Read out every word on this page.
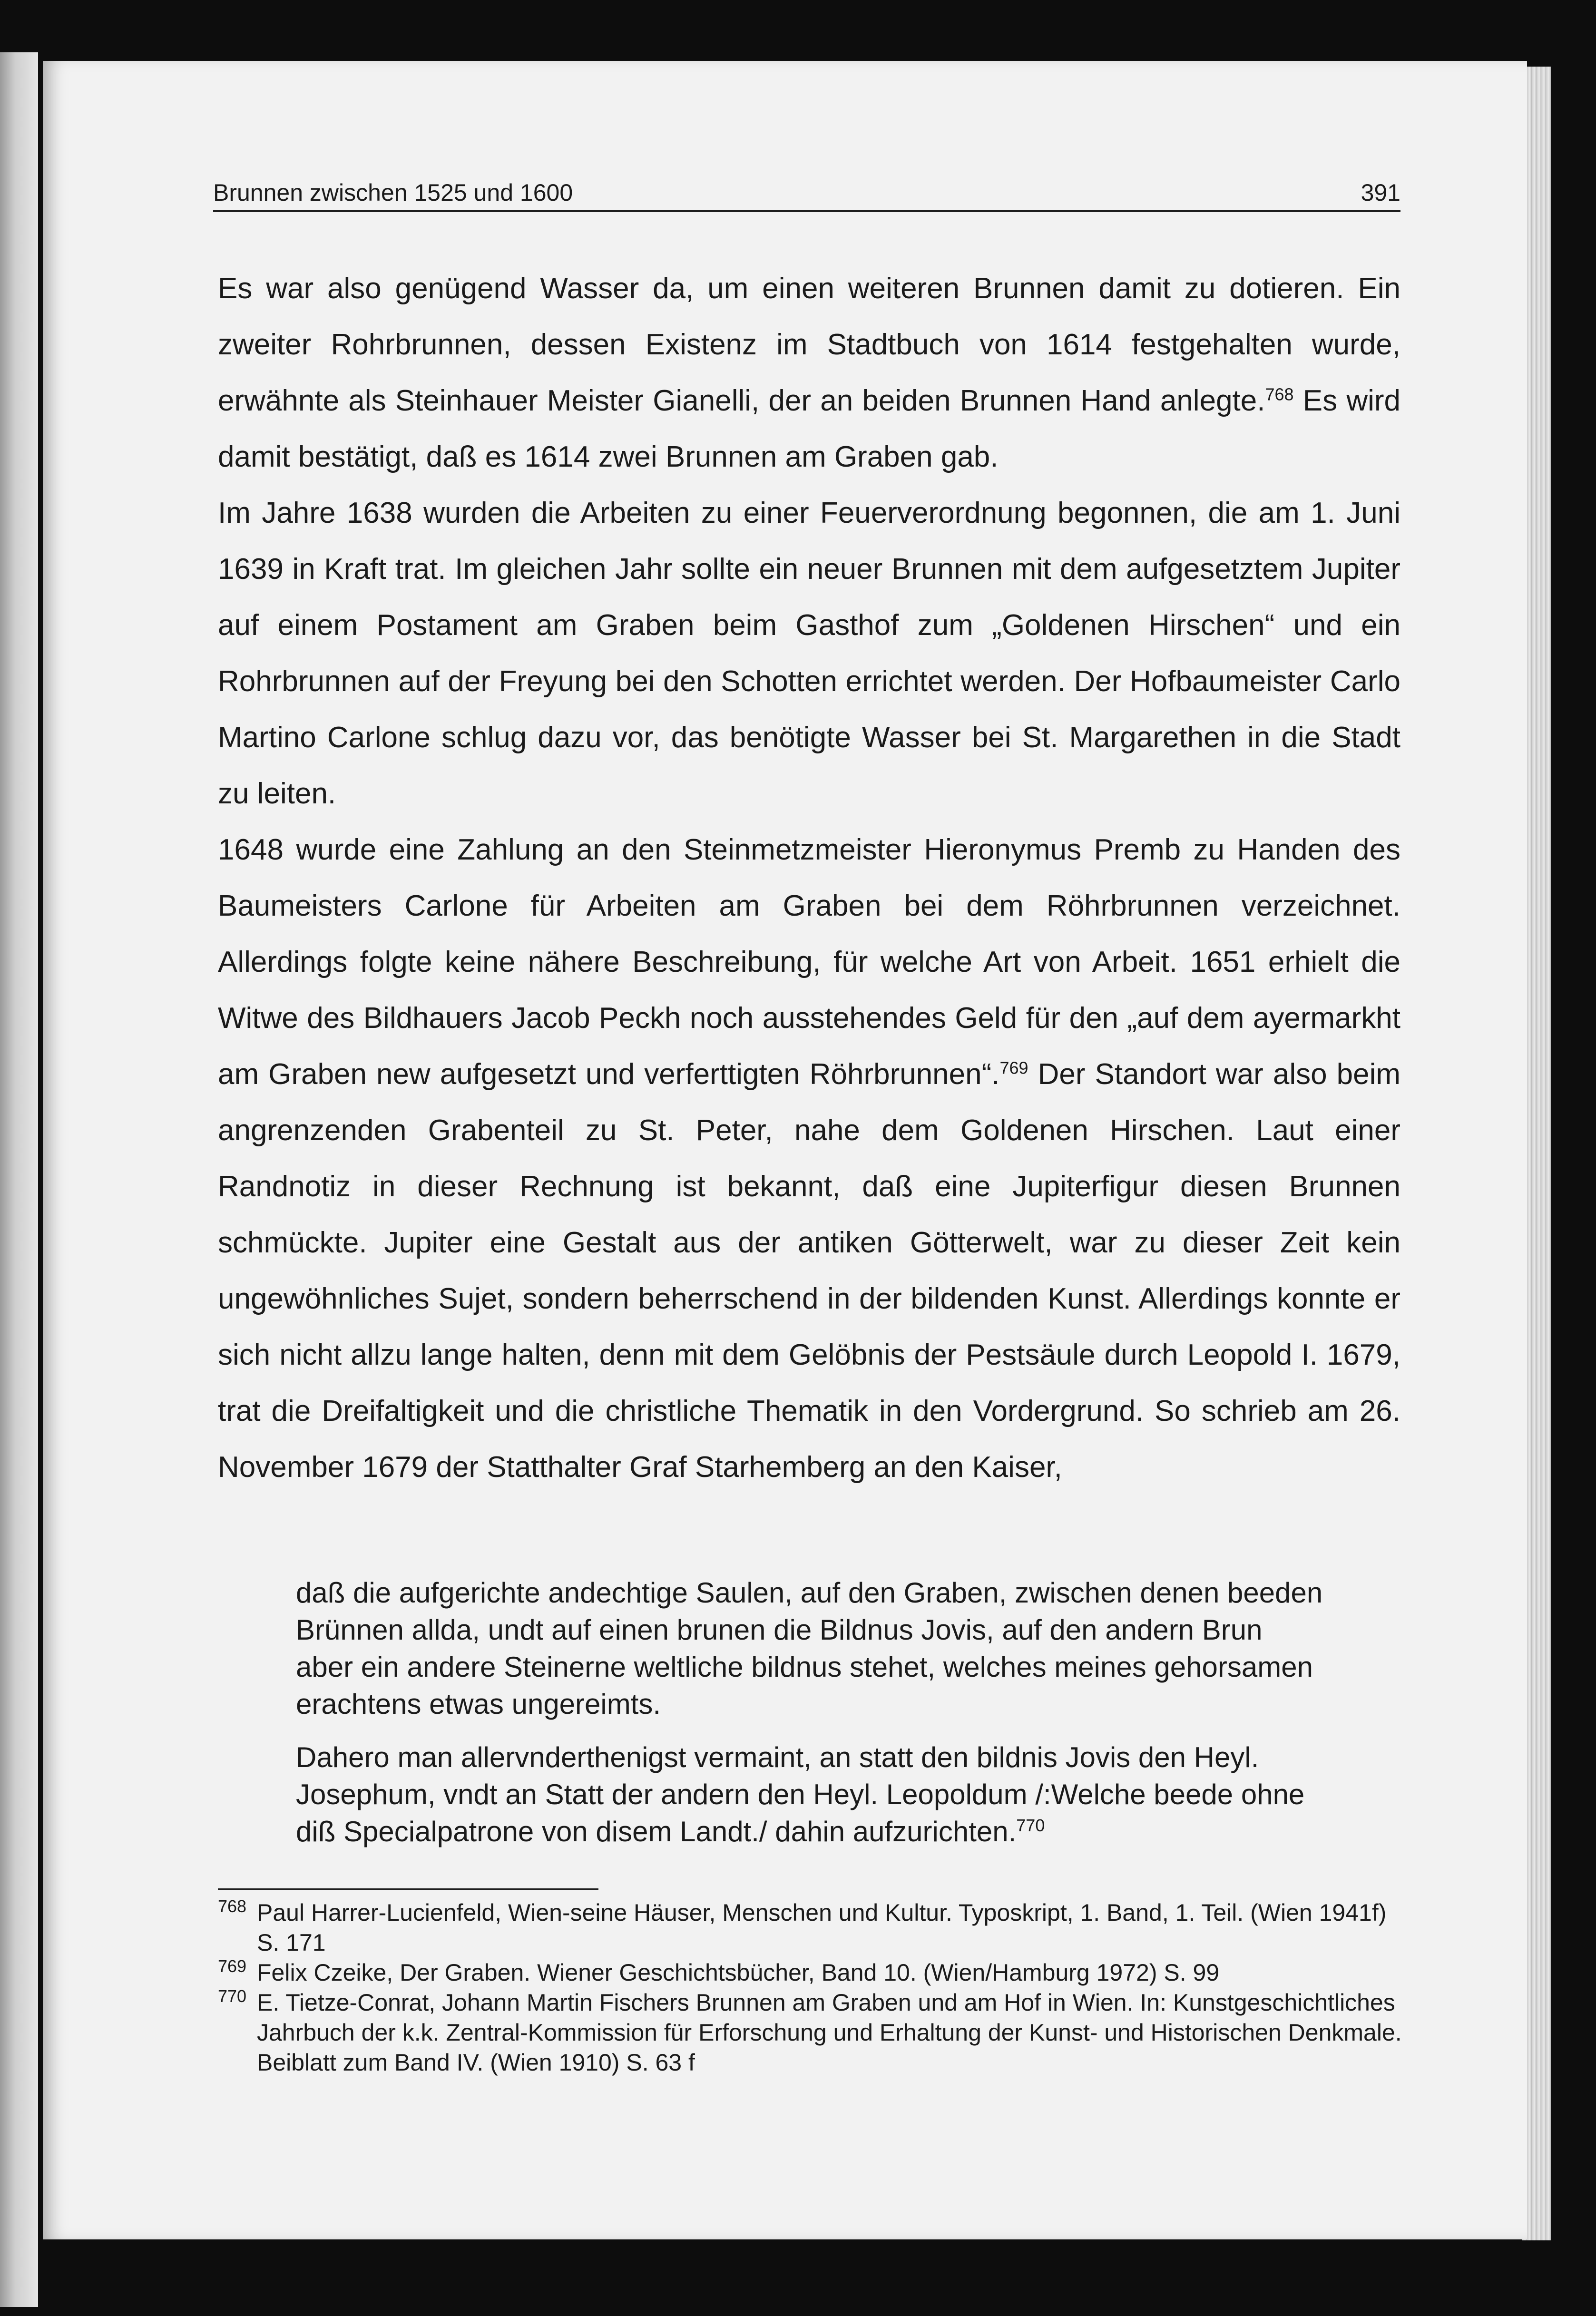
Brunnen zwischen 1525 und 1600	391

Es war also genügend Wasser da, um einen weiteren Brunnen damit zu dotieren. Ein zweiter Rohrbrunnen, dessen Existenz im Stadtbuch von 1614 festgehalten wurde, erwähnte als Steinhauer Meister Gianelli, der an beiden Brunnen Hand anlegte.$^{768}$ Es wird damit bestätigt, daß es 1614 zwei Brunnen am Graben gab.

Im Jahre 1638 wurden die Arbeiten zu einer Feuerverordnung begonnen, die am 1. Juni 1639 in Kraft trat. Im gleichen Jahr sollte ein neuer Brunnen mit dem aufgesetztem Jupiter auf einem Postament am Graben beim Gasthof zum „Goldenen Hirschen“ und ein Rohrbrunnen auf der Freyung bei den Schotten errichtet werden. Der Hofbaumeister Carlo Martino Carlone schlug dazu vor, das benötigte Wasser bei St. Margarethen in die Stadt zu leiten.

1648 wurde eine Zahlung an den Steinmetzmeister Hieronymus Premb zu Handen des Baumeisters Carlone für Arbeiten am Graben bei dem Röhrbrunnen verzeichnet. Allerdings folgte keine nähere Beschreibung, für welche Art von Arbeit. 1651 erhielt die Witwe des Bildhauers Jacob Peckh noch ausstehendes Geld für den „auf dem ayermarkht am Graben new aufgesetzt und verferttigten Röhrbrunnen“.$^{769}$ Der Standort war also beim angrenzenden Grabenteil zu St. Peter, nahe dem Goldenen Hirschen. Laut einer Randnotiz in dieser Rechnung ist bekannt, daß eine Jupiterfigur diesen Brunnen schmückte. Jupiter eine Gestalt aus der antiken Götterwelt, war zu dieser Zeit kein ungewöhnliches Sujet, sondern beherrschend in der bildenden Kunst. Allerdings konnte er sich nicht allzu lange halten, denn mit dem Gelöbnis der Pestsäule durch Leopold I. 1679, trat die Dreifaltigkeit und die christliche Thematik in den Vordergrund. So schrieb am 26. November 1679 der Statthalter Graf Starhemberg an den Kaiser,

daß die aufgerichte andechtige Saulen, auf den Graben, zwischen denen beeden Brünnen allda, undt auf einen brunen die Bildnus Jovis, auf den andern Brun aber ein andere Steinerne weltliche bildnus stehet, welches meines gehorsamen erachtens etwas ungereimts.

Dahero man allervnderthenigst vermaint, an statt den bildnis Jovis den Heyl. Josephum, vndt an Statt der andern den Heyl. Leopoldum /:Welche beede ohne diß Specialpatrone von disem Landt./ dahin aufzurichten.$^{770}$

768 Paul Harrer-Lucienfeld, Wien-seine Häuser, Menschen und Kultur. Typoskript, 1. Band, 1. Teil. (Wien 1941f) S. 171
769 Felix Czeike, Der Graben. Wiener Geschichtsbücher, Band 10. (Wien/Hamburg 1972) S. 99
770 E. Tietze-Conrat, Johann Martin Fischers Brunnen am Graben und am Hof in Wien. In: Kunstgeschichtliches Jahrbuch der k.k. Zentral-Kommission für Erforschung und Erhaltung der Kunst- und Historischen Denkmale. Beiblatt zum Band IV. (Wien 1910) S. 63 f
